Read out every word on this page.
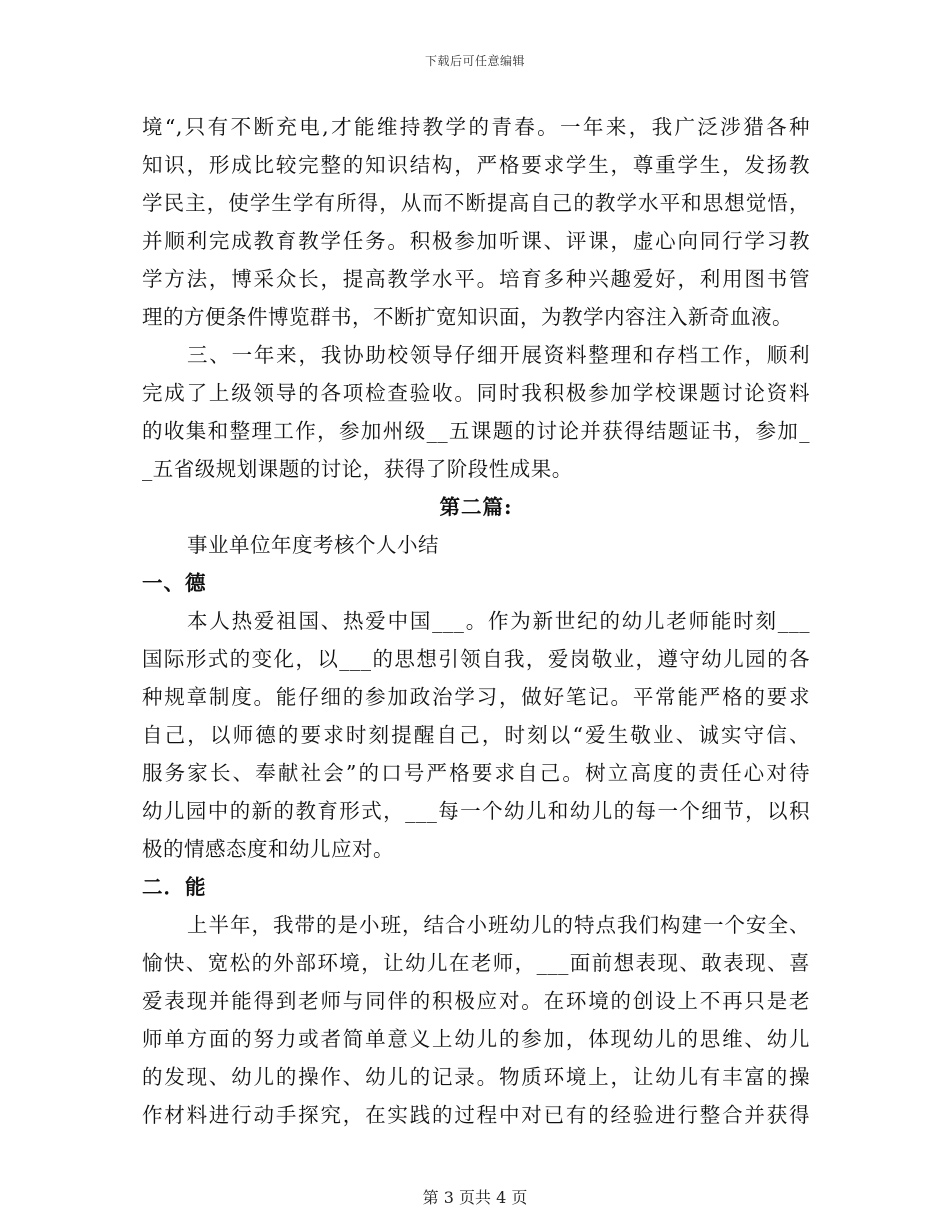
下载后可任意编辑
境“,只有不断充电,才能维持教学的青春。一年来，我广泛涉猎各种
知识，形成比较完整的知识结构，严格要求学生，尊重学生，发扬教
学民主，使学生学有所得，从而不断提高自己的教学水平和思想觉悟，
并顺利完成教育教学任务。积极参加听课、评课，虚心向同行学习教
学方法，博采众长，提高教学水平。培育多种兴趣爱好，利用图书管
理的方便条件博览群书，不断扩宽知识面，为教学内容注入新奇血液。
三、一年来，我协助校领导仔细开展资料整理和存档工作，顺利
完成了上级领导的各项检查验收。同时我积极参加学校课题讨论资料
的收集和整理工作，参加州级__五课题的讨论并获得结题证书，参加_
_五省级规划课题的讨论，获得了阶段性成果。
第二篇:
事业单位年度考核个人小结
一、德
本人热爱祖国、热爱中国___。作为新世纪的幼儿老师能时刻___
国际形式的变化，以___的思想引领自我，爱岗敬业，遵守幼儿园的各
种规章制度。能仔细的参加政治学习，做好笔记。平常能严格的要求
自己，以师德的要求时刻提醒自己，时刻以“爱生敬业、诚实守信、
服务家长、奉献社会”的口号严格要求自己。树立高度的责任心对待
幼儿园中的新的教育形式，___每一个幼儿和幼儿的每一个细节，以积
极的情感态度和幼儿应对。
二．能
上半年，我带的是小班，结合小班幼儿的特点我们构建一个安全、
愉快、宽松的外部环境，让幼儿在老师，___面前想表现、敢表现、喜
爱表现并能得到老师与同伴的积极应对。在环境的创设上不再只是老
师单方面的努力或者简单意义上幼儿的参加，体现幼儿的思维、幼儿
的发现、幼儿的操作、幼儿的记录。物质环境上，让幼儿有丰富的操
作材料进行动手探究，在实践的过程中对已有的经验进行整合并获得
第 3 页共 4 页
